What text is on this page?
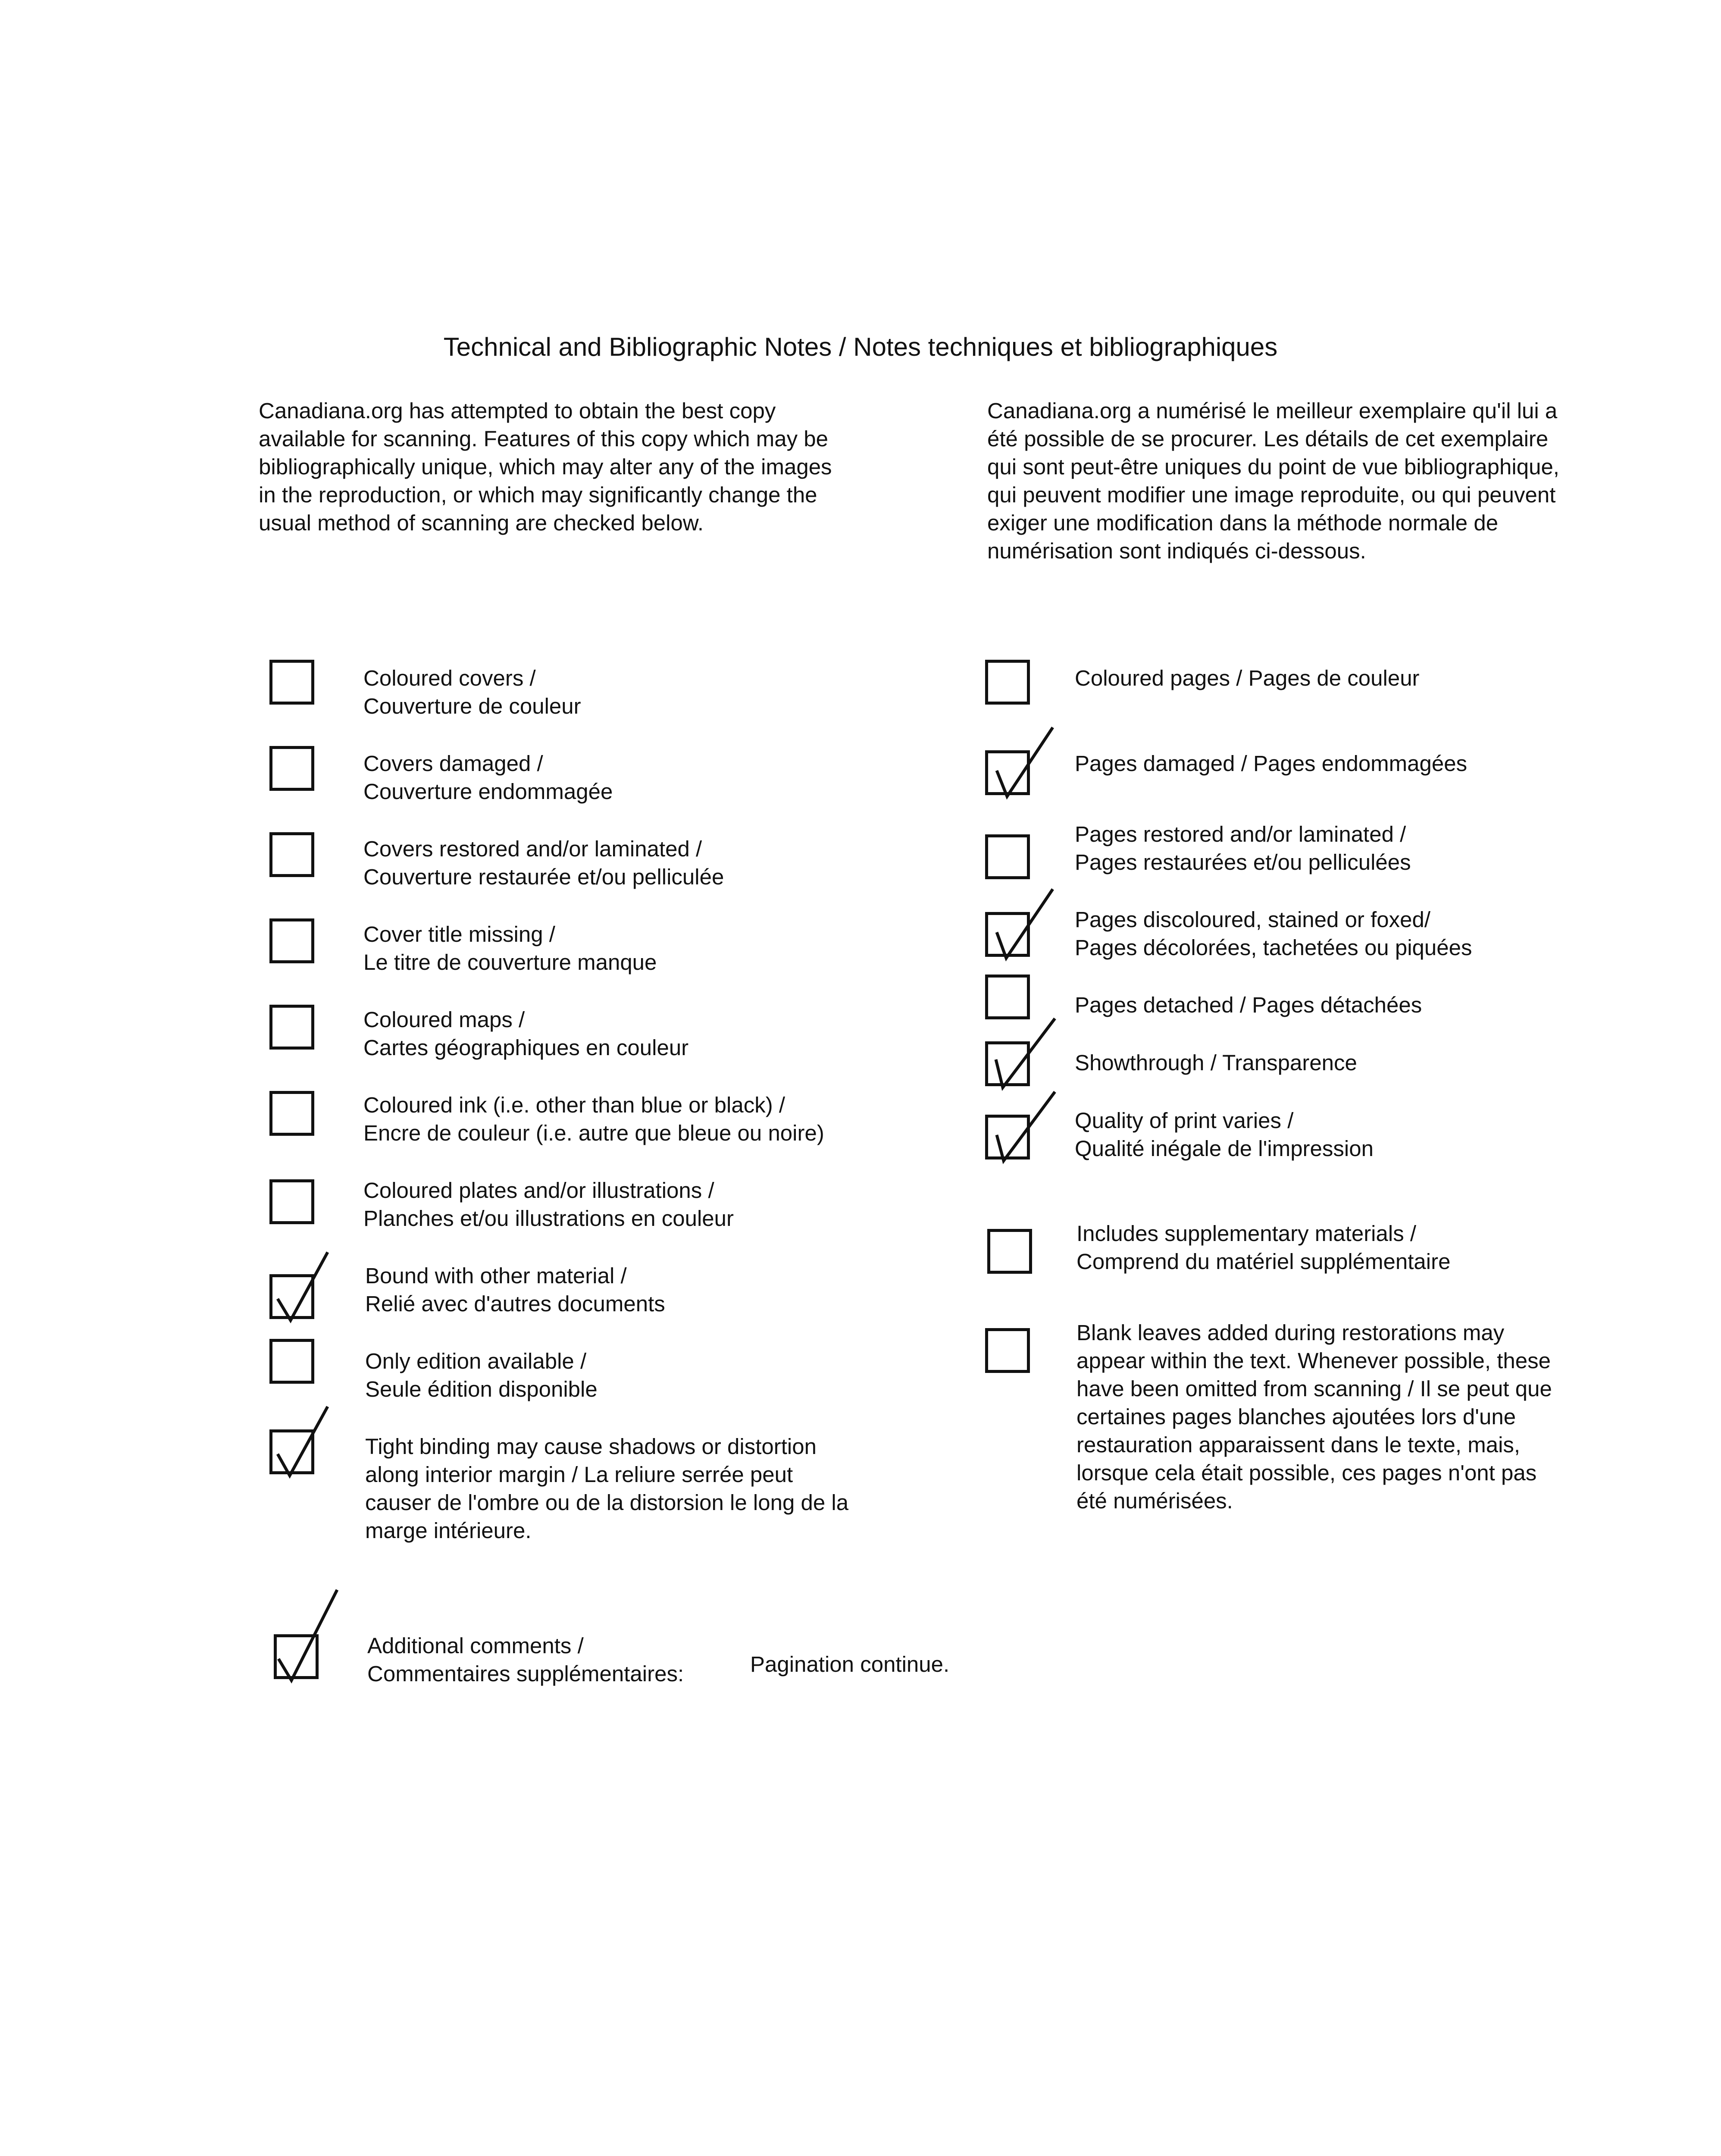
Technical and Bibliographic Notes / Notes techniques et bibliographiques

Canadiana.org has attempted to obtain the best copy
available for scanning. Features of this copy which may be
bibliographically unique, which may alter any of the images
in the reproduction, or which may significantly change the
usual method of scanning are checked below.

Canadiana.org a numérisé le meilleur exemplaire qu'il lui a
été possible de se procurer. Les détails de cet exemplaire
qui sont peut-être uniques du point de vue bibliographique,
qui peuvent modifier une image reproduite, ou qui peuvent
exiger une modification dans la méthode normale de
numérisation sont indiqués ci-dessous.

Coloured covers /
Couverture de couleur
Covers damaged /
Couverture endommagée
Covers restored and/or laminated /
Couverture restaurée et/ou pelliculée
Cover title missing /
Le titre de couverture manque
Coloured maps /
Cartes géographiques en couleur
Coloured ink (i.e. other than blue or black) /
Encre de couleur (i.e. autre que bleue ou noire)
Coloured plates and/or illustrations /
Planches et/ou illustrations en couleur
Bound with other material /
Relié avec d'autres documents
Only edition available /
Seule édition disponible
Tight binding may cause shadows or distortion
along interior margin / La reliure serrée peut
causer de l'ombre ou de la distorsion le long de la
marge intérieure.
Coloured pages / Pages de couleur
Pages damaged / Pages endommagées
Pages restored and/or laminated /
Pages restaurées et/ou pelliculées
Pages discoloured, stained or foxed/
Pages décolorées, tachetées ou piquées
Pages detached / Pages détachées
Showthrough / Transparence
Quality of print varies /
Qualité inégale de l'impression
Includes supplementary materials /
Comprend du matériel supplémentaire
Blank leaves added during restorations may
appear within the text. Whenever possible, these
have been omitted from scanning / Il se peut que
certaines pages blanches ajoutées lors d'une
restauration apparaissent dans le texte, mais,
lorsque cela était possible, ces pages n'ont pas
été numérisées.
Additional comments /
Commentaires supplémentaires:	Pagination continue.
